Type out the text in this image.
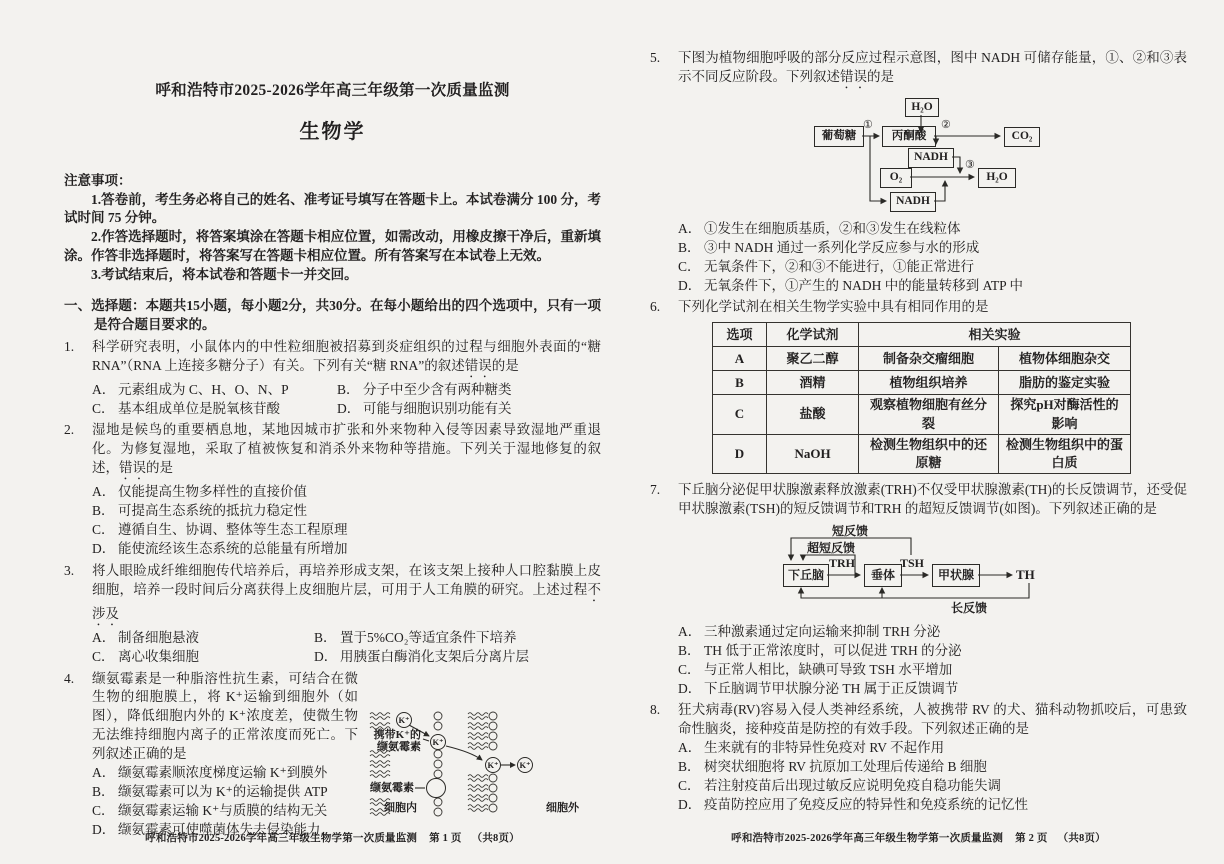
呼和浩特市2025-2026学年高三年级第一次质量监测
生物学
注意事项：

1.答卷前，考生务必将自己的姓名、准考证号填写在答题卡上。本试卷满分 100 分，考试时间 75 分钟。

2.作答选择题时，将答案填涂在答题卡相应位置，如需改动，用橡皮擦干净后，重新填涂。作答非选择题时，将答案写在答题卡相应位置。所有答案写在本试卷上无效。

3.考试结束后，将本试卷和答题卡一并交回。

一、选择题：本题共15小题，每小题2分，共30分。在每小题给出的四个选项中，只有一项是符合题目要求的。
1.	科学研究表明，小鼠体内的中性粒细胞被招募到炎症组织的过程与细胞外表面的“糖 RNA”（RNA 上连接多糖分子）有关。下列有关“糖 RNA”的叙述错误的是
A． 元素组成为 C、H、O、N、P	B． 分子中至少含有两种糖类
C． 基本组成单位是脱氧核苷酸	D． 可能与细胞识别功能有关
2.	湿地是候鸟的重要栖息地，某地因城市扩张和外来物种入侵等因素导致湿地严重退化。为修复湿地，采取了植被恢复和消杀外来物种等措施。下列关于湿地修复的叙述，错误的是
A． 仅能提高生物多样性的直接价值
B． 可提高生态系统的抵抗力稳定性
C． 遵循自生、协调、整体等生态工程原理
D． 能使流经该生态系统的总能量有所增加
3.	将人眼睑成纤维细胞传代培养后，再培养形成支架，在该支架上接种人口腔黏膜上皮细胞，培养一段时间后分离获得上皮细胞片层，可用于人工角膜的研究。上述过程不涉及
A． 制备细胞悬液	B． 置于5%CO₂等适宜条件下培养
C． 离心收集细胞	D． 用胰蛋白酶消化支架后分离片层
4.
K⁺
K⁺
K⁺ K⁺
携带K⁺的
缬氨霉素
缬氨霉素
细胞内	细胞外
缬氨霉素是一种脂溶性抗生素，可结合在微生物的细胞膜上，将 K⁺运输到细胞外（如图），降低细胞内外的 K⁺浓度差，使微生物无法维持细胞内离子的正常浓度而死亡。下列叙述正确的是
A． 缬氨霉素顺浓度梯度运输 K⁺到膜外
B． 缬氨霉素可以为 K⁺的运输提供 ATP
C． 缬氨霉素运输 K⁺与质膜的结构无关
D． 缬氨霉素可使噬菌体失去侵染能力
5.	下图为植物细胞呼吸的部分反应过程示意图，图中 NADH 可储存能量，①、②和③表示不同反应阶段。下列叙述错误的是
葡萄糖	丙酮酸
H₂O
CO₂
NADH
O₂	H₂O
NADH
①	②
③
A． ①发生在细胞质基质，②和③发生在线粒体
B． ③中 NADH 通过一系列化学反应参与水的形成
C． 无氧条件下，②和③不能进行，①能正常进行
D． 无氧条件下，①产生的 NADH 中的能量转移到 ATP 中
6.	下列化学试剂在相关生物学实验中具有相同作用的是
选项	化学试剂	相关实验	
A	聚乙二醇	制备杂交瘤细胞	植物体细胞杂交
B	酒精	植物组织培养	脂肪的鉴定实验
C	盐酸	观察植物细胞有丝分裂	探究pH对酶活性的影响
D	NaOH	检测生物组织中的还原糖	检测生物组织中的蛋白质
7.	下丘脑分泌促甲状腺激素释放激素(TRH)不仅受甲状腺激素(TH)的长反馈调节，还受促甲状腺激素(TSH)的短反馈调节和TRH 的超短反馈调节(如图)。下列叙述正确的是
下丘脑	垂体	甲状腺
TRH	TSH
TH
短反馈
超短反馈
长反馈
A． 三种激素通过定向运输来抑制 TRH 分泌
B． TH 低于正常浓度时，可以促进 TRH 的分泌
C． 与正常人相比，缺碘可导致 TSH 水平增加
D． 下丘脑调节甲状腺分泌 TH 属于正反馈调节
8.	狂犬病毒(RV)容易入侵人类神经系统，人被携带 RV 的犬、猫科动物抓咬后，可患致命性脑炎，接种疫苗是防控的有效手段。下列叙述正确的是
A． 生来就有的非特异性免疫对 RV 不起作用
B． 树突状细胞将 RV 抗原加工处理后传递给 B 细胞
C． 若注射疫苗后出现过敏反应说明免疫自稳功能失调
D． 疫苗防控应用了免疫反应的特异性和免疫系统的记忆性
呼和浩特市2025-2026学年高三年级生物学第一次质量监测 第 1 页 （共8页）	呼和浩特市2025-2026学年高三年级生物学第一次质量监测 第 2 页 （共8页）
